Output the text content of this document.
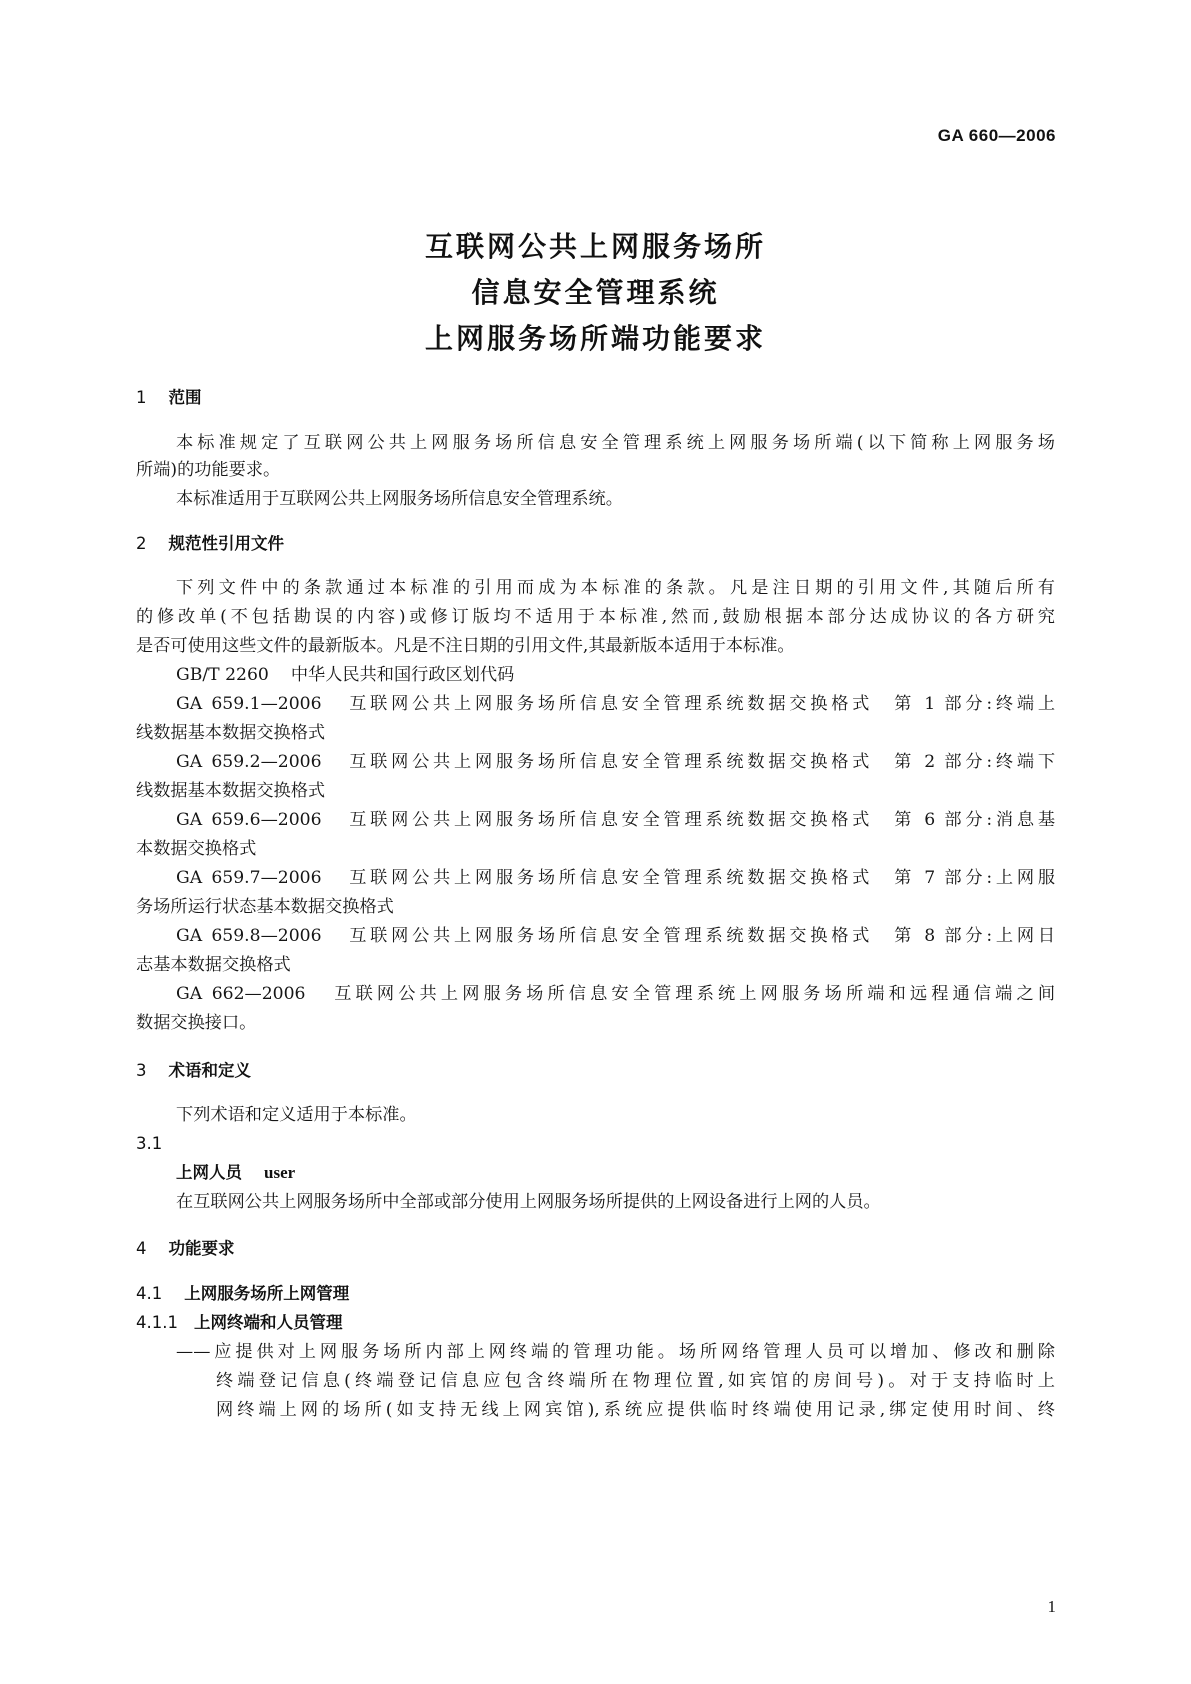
GA 660—2006
互联网公共上网服务场所
信息安全管理系统
上网服务场所端功能要求
1 范围
本标准规定了互联网公共上网服务场所信息安全管理系统上网服务场所端(以下简称上网服务场
所端)的功能要求。
本标准适用于互联网公共上网服务场所信息安全管理系统。
2 规范性引用文件
下列文件中的条款通过本标准的引用而成为本标准的条款。凡是注日期的引用文件,其随后所有
的修改单(不包括勘误的内容)或修订版均不适用于本标准,然而,鼓励根据本部分达成协议的各方研究
是否可使用这些文件的最新版本。凡是不注日期的引用文件,其最新版本适用于本标准。
GB/T 2260 中华人民共和国行政区划代码
GA 659.1—2006 互联网公共上网服务场所信息安全管理系统数据交换格式　第 1 部分:终端上
线数据基本数据交换格式
GA 659.2—2006 互联网公共上网服务场所信息安全管理系统数据交换格式　第 2 部分:终端下
线数据基本数据交换格式
GA 659.6—2006 互联网公共上网服务场所信息安全管理系统数据交换格式　第 6 部分:消息基
本数据交换格式
GA 659.7—2006 互联网公共上网服务场所信息安全管理系统数据交换格式　第 7 部分:上网服
务场所运行状态基本数据交换格式
GA 659.8—2006 互联网公共上网服务场所信息安全管理系统数据交换格式　第 8 部分:上网日
志基本数据交换格式
GA 662—2006 互联网公共上网服务场所信息安全管理系统上网服务场所端和远程通信端之间
数据交换接口。
3 术语和定义
下列术语和定义适用于本标准。
3.1
上网人员 user
在互联网公共上网服务场所中全部或部分使用上网服务场所提供的上网设备进行上网的人员。
4 功能要求
4.1 上网服务场所上网管理
4.1.1 上网终端和人员管理
——应提供对上网服务场所内部上网终端的管理功能。场所网络管理人员可以增加、修改和删除
终端登记信息(终端登记信息应包含终端所在物理位置,如宾馆的房间号)。对于支持临时上
网终端上网的场所(如支持无线上网宾馆),系统应提供临时终端使用记录,绑定使用时间、终
1
